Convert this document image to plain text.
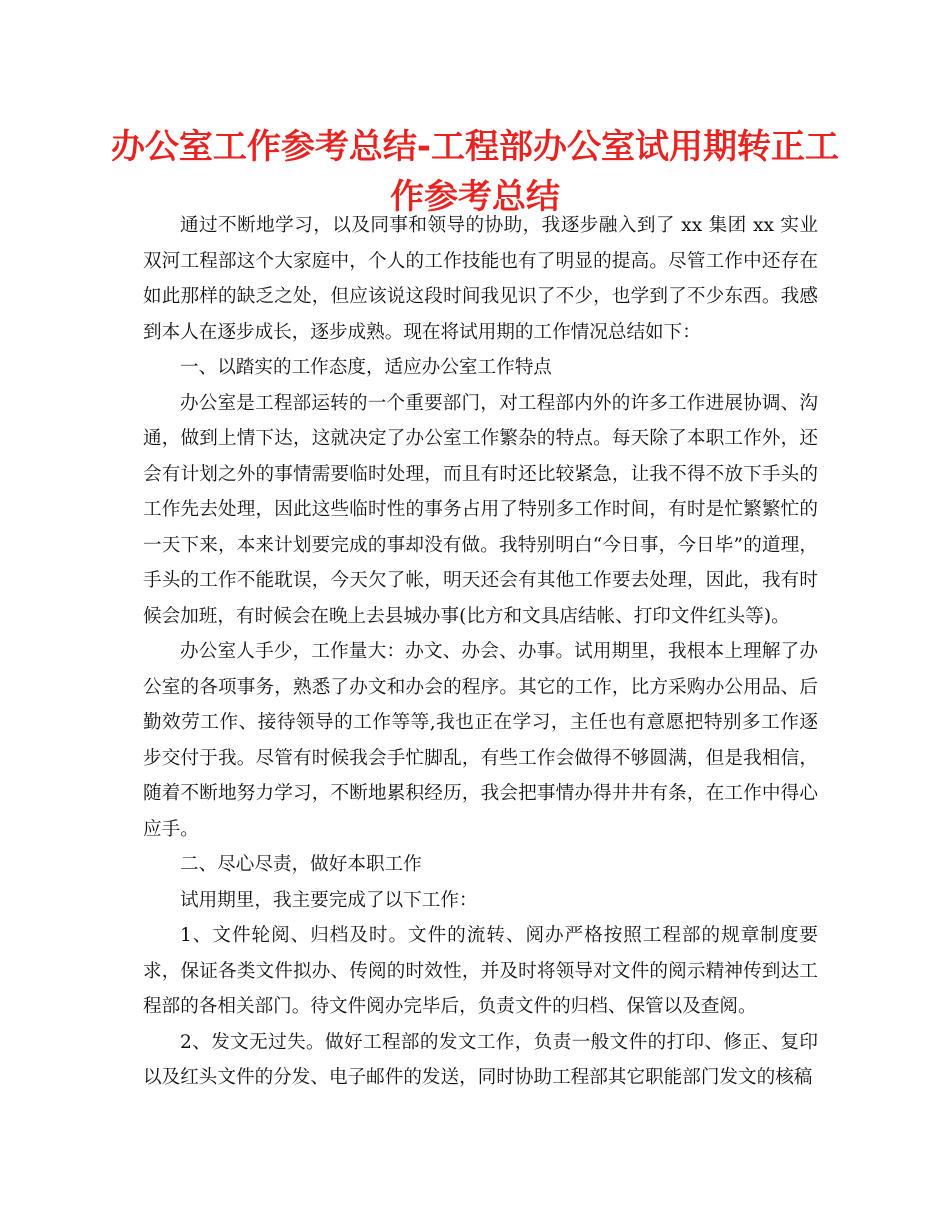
办公室工作参考总结-工程部办公室试用期转正工作参考总结

通过不断地学习，以及同事和领导的协助，我逐步融入到了 xx 集团 xx 实业双河工程部这个大家庭中，个人的工作技能也有了明显的提高。尽管工作中还存在如此那样的缺乏之处，但应该说这段时间我见识了不少，也学到了不少东西。我感到本人在逐步成长，逐步成熟。现在将试用期的工作情况总结如下：

一、以踏实的工作态度，适应办公室工作特点

办公室是工程部运转的一个重要部门，对工程部内外的许多工作进展协调、沟通，做到上情下达，这就决定了办公室工作繁杂的特点。每天除了本职工作外，还会有计划之外的事情需要临时处理，而且有时还比较紧急，让我不得不放下手头的工作先去处理，因此这些临时性的事务占用了特别多工作时间，有时是忙繁繁忙的一天下来，本来计划要完成的事却没有做。我特别明白“今日事，今日毕”的道理，手头的工作不能耽误，今天欠了帐，明天还会有其他工作要去处理，因此，我有时候会加班，有时候会在晚上去县城办事(比方和文具店结帐、打印文件红头等)。

办公室人手少，工作量大：办文、办会、办事。试用期里，我根本上理解了办公室的各项事务，熟悉了办文和办会的程序。其它的工作，比方采购办公用品、后勤效劳工作、接待领导的工作等等,我也正在学习，主任也有意愿把特别多工作逐步交付于我。尽管有时候我会手忙脚乱，有些工作会做得不够圆满，但是我相信，随着不断地努力学习，不断地累积经历，我会把事情办得井井有条，在工作中得心应手。

二、尽心尽责，做好本职工作

试用期里，我主要完成了以下工作：

1、文件轮阅、归档及时。文件的流转、阅办严格按照工程部的规章制度要求，保证各类文件拟办、传阅的时效性，并及时将领导对文件的阅示精神传到达工程部的各相关部门。待文件阅办完毕后，负责文件的归档、保管以及查阅。

2、发文无过失。做好工程部的发文工作，负责一般文件的打印、修正、复印以及红头文件的分发、电子邮件的发送，同时协助工程部其它职能部门发文的核稿
